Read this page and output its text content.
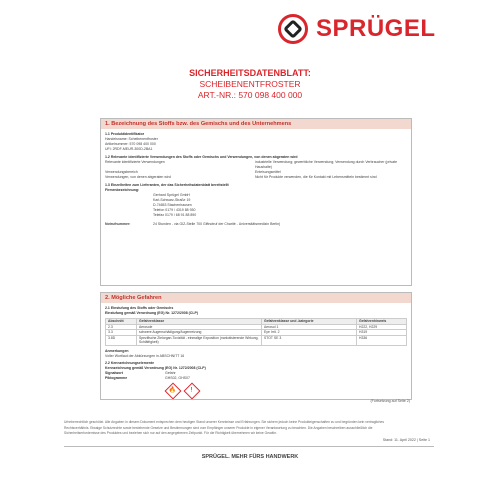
SPRÜGEL
SICHERHEITSDATENBLATT:
SCHEIBENENTFROSTER
ART.-NR.: 570 098 400 000
1. Bezeichnung des Stoffs bzw. des Gemischs und des Unternehmens
1.1 Produktidentifikator
Handelsname: Scheibenentfroster
Artikelnummer: 570 098 400 000
UFI: 2RDF-MEUR-300D-2BA1
1.2 Relevante identifizierte Verwendungen des Stoffs oder Gemischs und Verwendungen, von denen abgeraten wird
Relevante identifizierte Verwendungen	industrielle Verwendung; gewerbliche Verwendung; Verwendung durch Verbraucher (private Haushalte)
Verwendungsbereich	Enteisungsmittel
Verwendungen, von denen abgeraten wird	Nicht für Produkte verwenden, die für Kontakt mit Lebensmitteln bestimmt sind
1.3 Einzelheiten zum Lieferanten, der das Sicherheitsdatenblatt bereitstellt
Firmenbezeichnung:
Gerhard Sprügel GmbH
Karl-Schwarz-Straße 19
D-74653 Stachenhausen
Telefon 0179 / 4319 88 930
Telefax 0179 / 68 91 88 890
Notrufnummer:	24 Stunden - via GIZ-Stelle 700 Giftnotruf der Charité - Universitätsmedizin Berlin)
2. Mögliche Gefahren
2.1 Einstufung des Stoffs oder Gemischs
Einstufung gemäß Verordnung (EG) Nr. 1272/2008 (CLP)
Abschnitt	Gefahrenklasse	Gefahrenklasse und -kategorie	Gefahrenhinweis
2.3	Aerosole	Aerosol 1	H222, H229
3.3	schwere Augenschädigung/Augenreizung	Eye Irrit. 2	H319
3.8D	Spezifische Zielorgan-Toxizität - einmalige Exposition (narkotisierende Wirkung, Schläfrigkeit)	STOT SE 3	H336
Anmerkungen
Voller Wortlaut der Abkürzungen in ABSCHNITT 16
2.2 Kennzeichnungselemente
Kennzeichnung gemäß Verordnung (EG) Nr. 1272/2008 (CLP)
Signalwort	Gefahr
Piktogramme	GHS02, GHS07
🔥 !
(Fortsetzung auf Seite 2)
Urheberrechtlich geschützt. Alle Angaben in diesem Dokument entsprechen dem heutigen Stand unserer Kenntnisse und Erfahrungen. Sie sichern jedoch keine Produkteigenschaften zu und begründen kein vertragliches Rechtsverhältnis. Etwaige Schutzrechte sowie bestehende Gesetze und Bestimmungen sind vom Empfänger unserer Produkte in eigener Verantwortung zu beachten. Die Angaben beschreiben ausschließlich die Sicherheitserfordernisse des Produktes und beziehen sich nur auf den angegebenen Zeitpunkt. Für die Richtigkeit übernehmen wir keine Gewähr.
Stand: 11. April 2022 | Seite 1
SPRÜGEL. MEHR FÜRS HANDWERK
